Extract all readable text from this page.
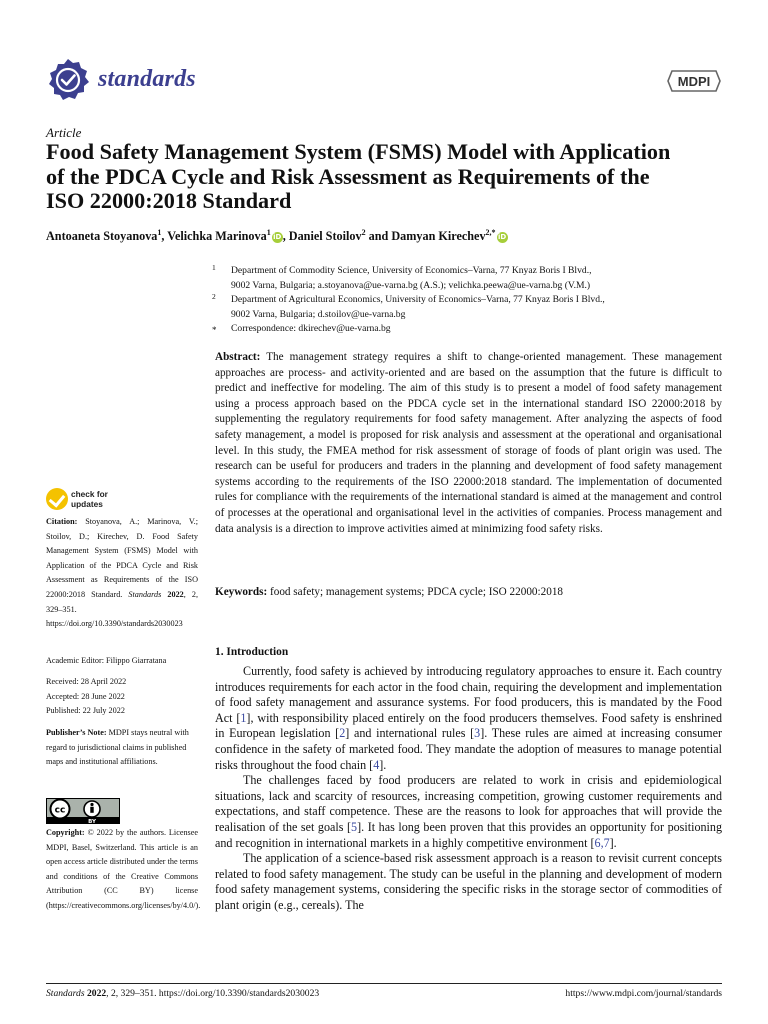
standards	MDPI
Article
Food Safety Management System (FSMS) Model with Application of the PDCA Cycle and Risk Assessment as Requirements of the ISO 22000:2018 Standard
Antoaneta Stoyanova$^1$, Velichka Marinova$^1$iD, Daniel Stoilov$^2$ and Damyan Kirechev$^{2,*}$iD
1 Department of Commodity Science, University of Economics–Varna, 77 Knyaz Boris I Blvd.,
9002 Varna, Bulgaria; a.stoyanova@ue-varna.bg (A.S.); velichka.peewa@ue-varna.bg (V.M.)
2 Department of Agricultural Economics, University of Economics–Varna, 77 Knyaz Boris I Blvd.,
9002 Varna, Bulgaria; d.stoilov@ue-varna.bg
* Correspondence: dkirechev@ue-varna.bg

Abstract: The management strategy requires a shift to change-oriented management. These management approaches are process- and activity-oriented and are based on the assumption that the future is difficult to predict and ineffective for modeling. The aim of this study is to present a model of food safety management using a process approach based on the PDCA cycle set in the international standard ISO 22000:2018 by supplementing the regulatory requirements for food safety management. After analyzing the aspects of food safety management, a model is proposed for risk analysis and assessment at the operational and organisational level. In this study, the FMEA method for risk assessment of storage of foods of plant origin was used. The research can be useful for producers and traders in the planning and development of food safety management systems according to the requirements of the ISO 22000:2018 standard. The implementation of documented rules for compliance with the requirements of the international standard is aimed at the management and control of processes at the operational and organisational level in the activities of companies. Process management and data analysis is a direction to improve activities aimed at minimizing food safety risks.

Keywords: food safety; management systems; PDCA cycle; ISO 22000:2018
check for
updates
Citation: Stoyanova, A.; Marinova, V.; Stoilov, D.; Kirechev, D. Food Safety Management System (FSMS) Model with Application of the PDCA Cycle and Risk Assessment as Requirements of the ISO 22000:2018 Standard. Standards 2022, 2, 329–351. https://doi.org/10.3390/standards2030023
Academic Editor: Filippo Giarratana
Received: 28 April 2022
Accepted: 28 June 2022
Published: 22 July 2022
Publisher’s Note: MDPI stays neutral with regard to jurisdictional claims in published maps and institutional affiliations.
cc
BY
Copyright: © 2022 by the authors. Licensee MDPI, Basel, Switzerland. This article is an open access article distributed under the terms and conditions of the Creative Commons Attribution (CC BY) license (https://creativecommons.org/licenses/by/4.0/).
1. Introduction

Currently, food safety is achieved by introducing regulatory approaches to ensure it. Each country introduces requirements for each actor in the food chain, requiring the development and implementation of food safety management and assurance systems. For food producers, this is mandated by the Food Act [1], with responsibility placed entirely on the food producers themselves. Food safety is enshrined in European legislation [2] and international rules [3]. These rules are aimed at increasing consumer confidence in the safety of marketed food. They mandate the adoption of measures to manage potential risks throughout the food chain [4].

The challenges faced by food producers are related to work in crisis and epidemiological situations, lack and scarcity of resources, increasing competition, growing customer requirements and expectations, and staff competence. These are the reasons to look for approaches that will provide the realisation of the set goals [5]. It has long been proven that this provides an opportunity for positioning and recognition in international markets in a highly competitive environment [6,7].

The application of a science-based risk assessment approach is a reason to revisit current concepts related to food safety management. The study can be useful in the planning and development of modern food safety management systems, considering the specific risks in the storage sector of commodities of plant origin (e.g., cereals). The

Standards 2022, 2, 329–351. https://doi.org/10.3390/standards2030023	https://www.mdpi.com/journal/standards
